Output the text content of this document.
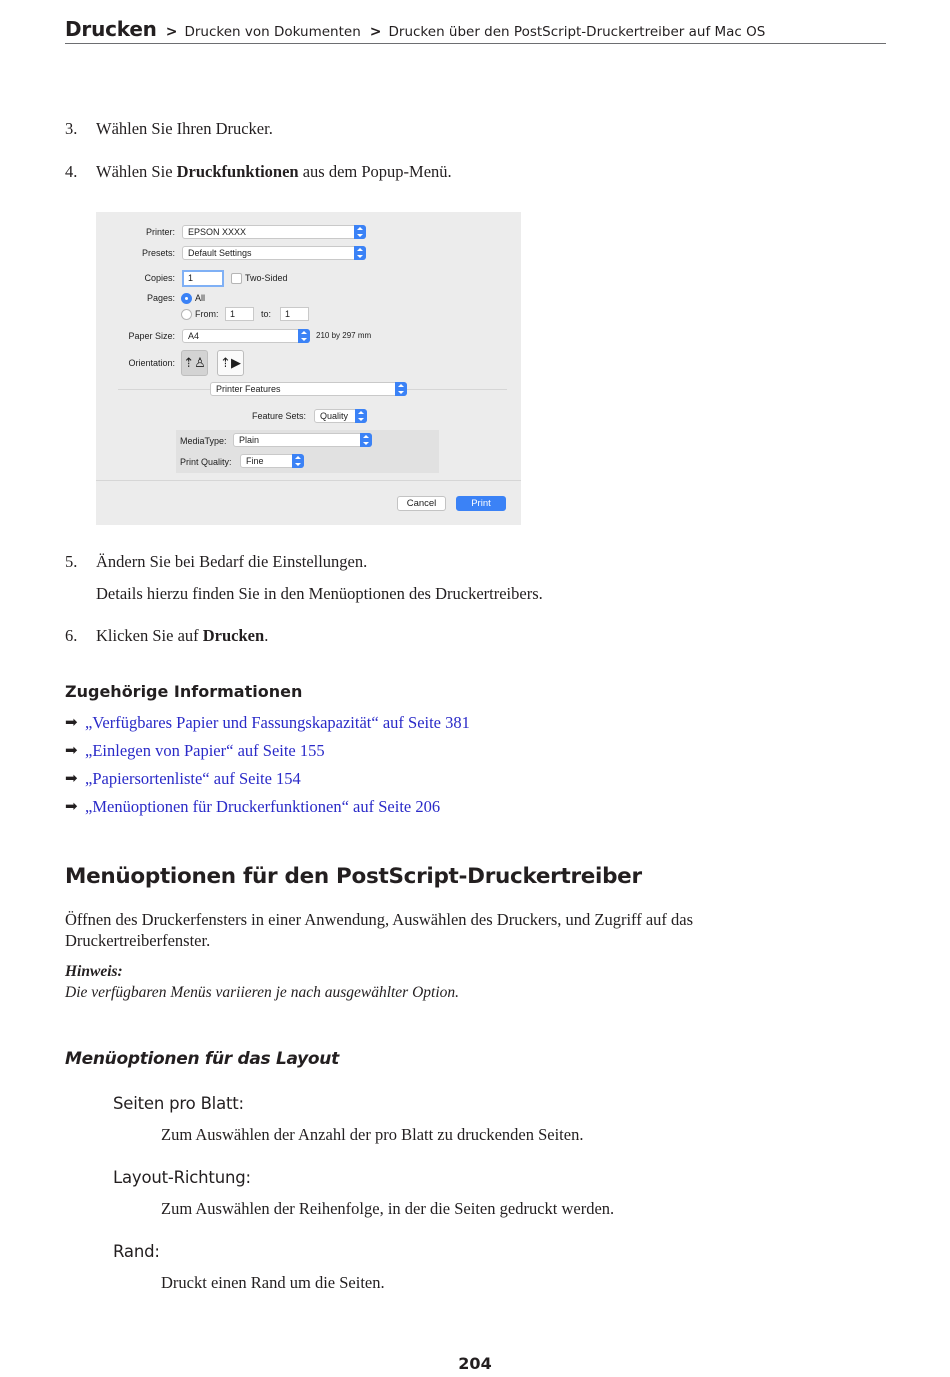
Drucken > Drucken von Dokumenten > Drucken über den PostScript-Druckertreiber auf Mac OS
3. Wählen Sie Ihren Drucker.
4. Wählen Sie Druckfunktionen aus dem Popup-Menü.
Printer:	EPSON XXXX
Presets:	Default Settings
Copies:	1	Two-Sided
Pages: All
From:	1	to:	1
Paper Size:	A4	210 by 297 mm
Orientation: ⇡♙ ⇡▶
Printer Features
Feature Sets:	Quality
MediaType:	Plain
Print Quality:	Fine
Cancel	Print
5. Ändern Sie bei Bedarf die Einstellungen.
Details hierzu finden Sie in den Menüoptionen des Druckertreibers.
6. Klicken Sie auf Drucken.
Zugehörige Informationen
➡ „Verfügbares Papier und Fassungskapazität“ auf Seite 381
➡ „Einlegen von Papier“ auf Seite 155
➡ „Papiersortenliste“ auf Seite 154
➡ „Menüoptionen für Druckerfunktionen“ auf Seite 206
Menüoptionen für den PostScript-Druckertreiber
Öffnen des Druckerfensters in einer Anwendung, Auswählen des Druckers, und Zugriff auf das
Druckertreiberfenster.
Hinweis:
Die verfügbaren Menüs variieren je nach ausgewählter Option.
Menüoptionen für das Layout
Seiten pro Blatt:
Zum Auswählen der Anzahl der pro Blatt zu druckenden Seiten.
Layout-Richtung:
Zum Auswählen der Reihenfolge, in der die Seiten gedruckt werden.
Rand:
Druckt einen Rand um die Seiten.
204
